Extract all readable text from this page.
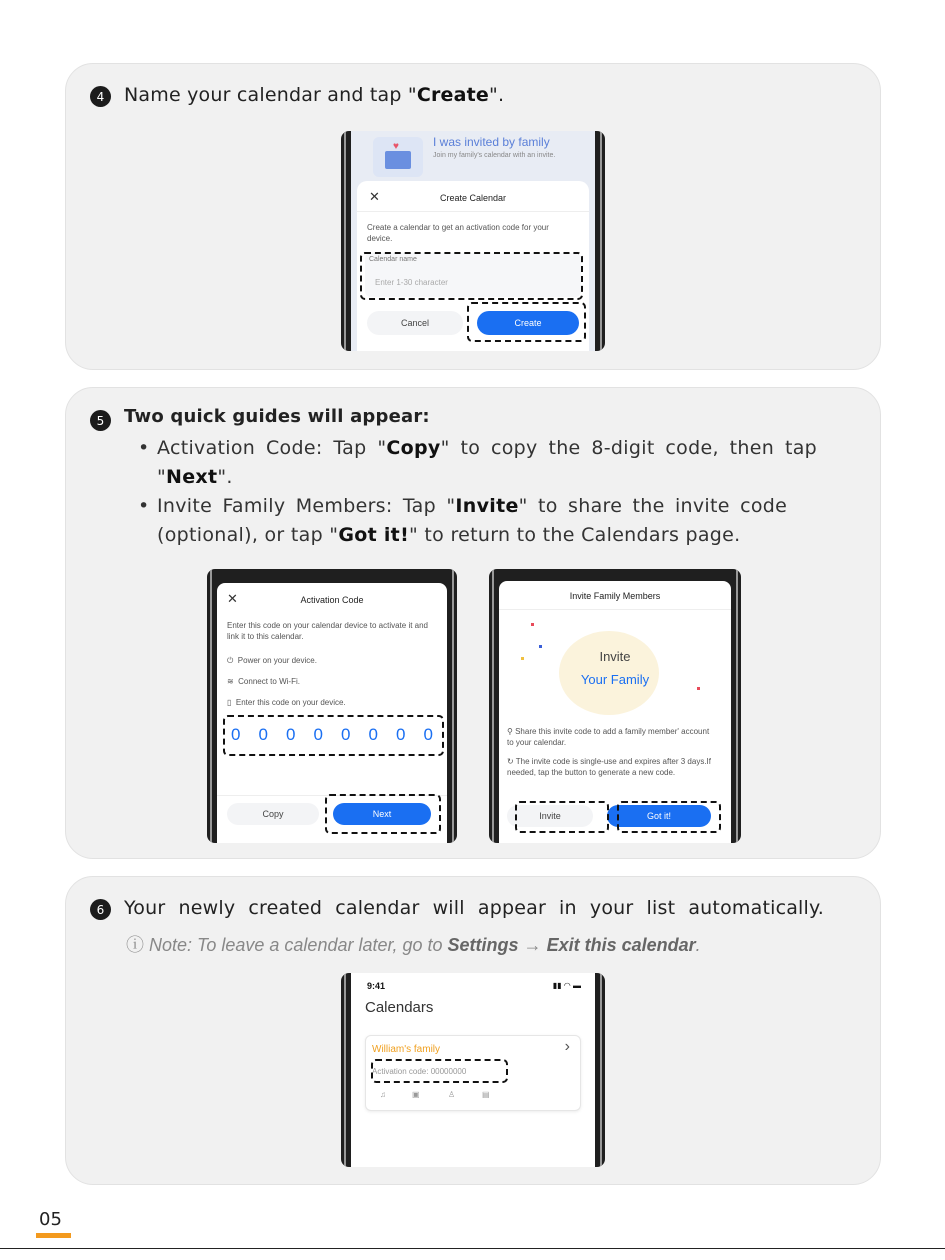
4	Name your calendar and tap "Create".
♥	I was invited by family
Join my family's calendar with an invite.
✕	Create Calendar
Create a calendar to get an activation code for your device.
Calendar name
Enter 1-30 character
Cancel	Create
5	Two quick guides will appear:
• Activation Code: Tap "Copy" to copy the 8-digit code, then tap
"Next".
• Invite Family Members: Tap "Invite" to share the invite code
(optional), or tap "Got it!" to return to the Calendars page.
✕	Activation Code
Enter this code on your calendar device to activate it and link it to this calendar.
⏻ Power on your device.
≋ Connect to Wi-Fi.
▯ Enter this code on your device.
0 0 0 0 0 0 0 0
Copy	Next
Invite Family Members
Invite
Your Family
⚲ Share this invite code to add a family member' account to your calendar.
↻ The invite code is single-use and expires after 3 days.If needed, tap the button to generate a new code.
Invite	Got it!
6	Your newly created calendar will appear in your list automatically.
ⓘ Note: To leave a calendar later, go to Settings → Exit this calendar.
9:41	▮▮ ◠ ▬
Calendars
William's family	›
Activation code: 00000000
♫	▣	♙	▤
05
